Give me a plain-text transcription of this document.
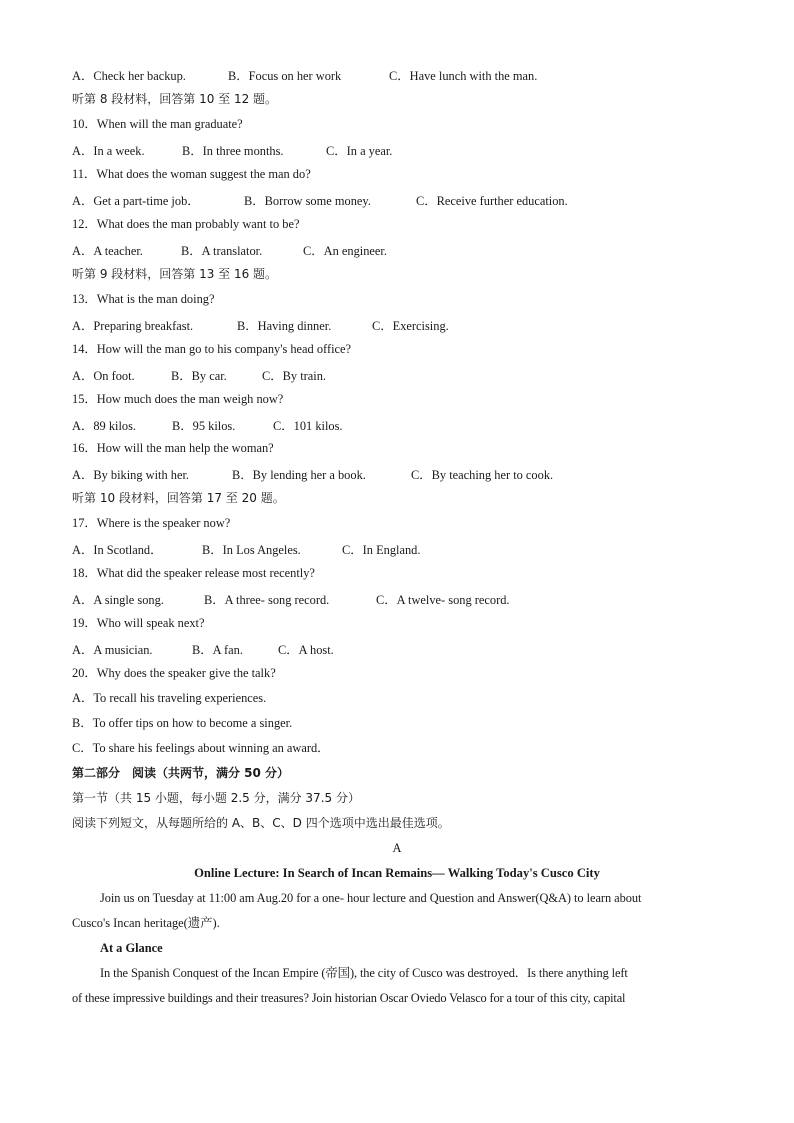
A．Check her backup.	B．Focus on her work	C．Have lunch with the man.
听第 8 段材料，回答第 10 至 12 题。
10．When will the man graduate?
A．In a week.	B．In three months.	C．In a year.
11．What does the woman suggest the man do?
A．Get a part-time job．	B．Borrow some money.	C．Receive further education.
12．What does the man probably want to be?
A．A teacher.	B．A translator.	C．An engineer.
听第 9 段材料，回答第 13 至 16 题。
13．What is the man doing?
A．Preparing breakfast.	B．Having dinner.	C．Exercising.
14．How will the man go to his company's head office?
A．On foot.	B．By car.	C．By train.
15．How much does the man weigh now?
A．89 kilos.	B．95 kilos.	C．101 kilos.
16．How will the man help the woman?
A．By biking with her.	B．By lending her a book.	C．By teaching her to cook.
听第 10 段材料，回答第 17 至 20 题。
17．Where is the speaker now?
A．In Scotland．	B．In Los Angeles.	C．In England.
18．What did the speaker release most recently?
A．A single song.	B．A three- song record.	C．A twelve- song record.
19．Who will speak next?
A．A musician.	B．A fan.	C．A host.
20．Why does the speaker give the talk?
A．To recall his traveling experiences.
B．To offer tips on how to become a singer.
C．To share his feelings about winning an award．
第二部分　阅读（共两节，满分 50 分）
第一节（共 15 小题，每小题 2.5 分，满分 37.5 分）
阅读下列短文，从每题所给的 A、B、C、D 四个选项中选出最佳选项。
A
Online Lecture: In Search of Incan Remains— Walking Today's Cusco City
Join us on Tuesday at 11:00 am Aug.20 for a one- hour lecture and Question and Answer(Q&A) to learn about
Cusco's Incan heritage(遗产).
At a Glance
In the Spanish Conquest of the Incan Empire (帝国), the city of Cusco was destroyed．Is there anything left
of these impressive buildings and their treasures? Join historian Oscar Oviedo Velasco for a tour of this city, capital
